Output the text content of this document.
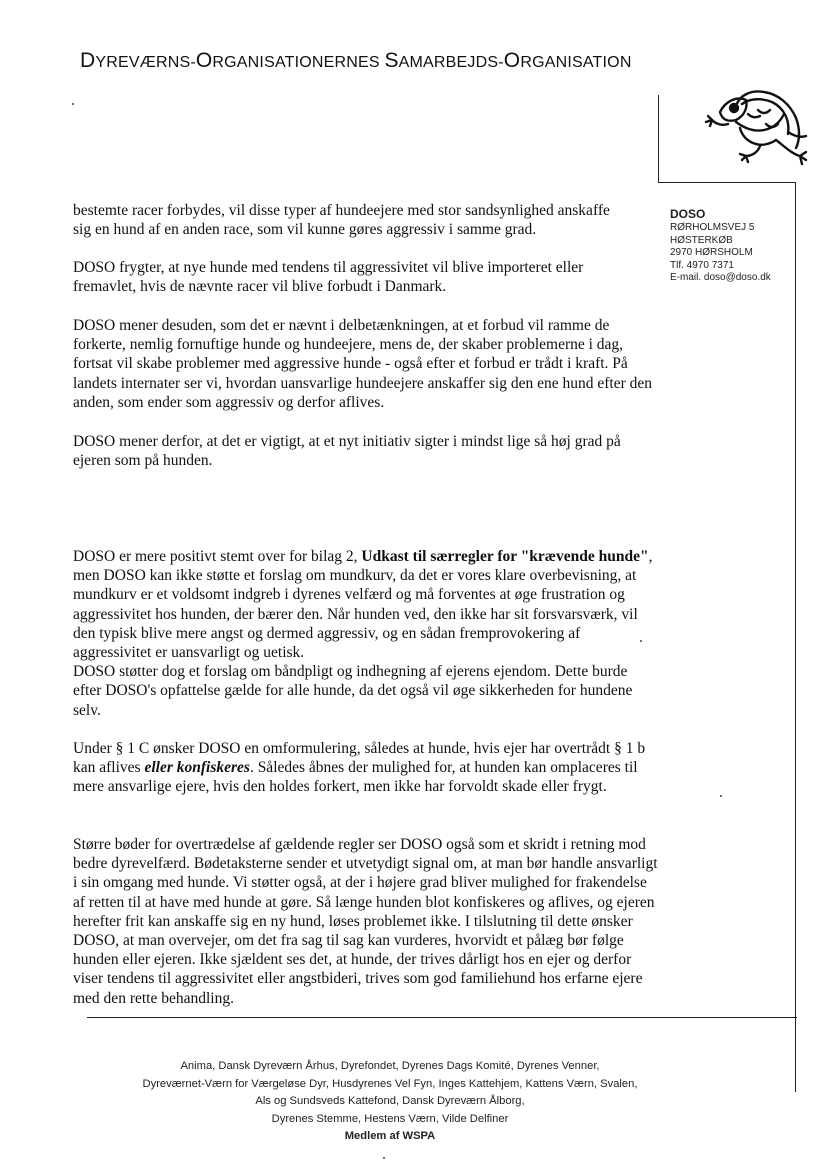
DYREVÆRNS-ORGANISATIONERNES SAMARBEJDS-ORGANISATION
DOSO
RØRHOLMSVEJ 5
HØSTERKØB
2970 HØRSHOLM
Tlf. 4970 7371
E-mail. doso@doso.dk
bestemte racer forbydes, vil disse typer af hundeejere med stor sandsynlighed anskaffe
sig en hund af en anden race, som vil kunne gøres aggressiv i samme grad.
DOSO frygter, at nye hunde med tendens til aggressivitet vil blive importeret eller
fremavlet, hvis de nævnte racer vil blive forbudt i Danmark.
DOSO mener desuden, som det er nævnt i delbetænkningen, at et forbud vil ramme de
forkerte, nemlig fornuftige hunde og hundeejere, mens de, der skaber problemerne i dag,
fortsat vil skabe problemer med aggressive hunde - også efter et forbud er trådt i kraft. På
landets internater ser vi, hvordan uansvarlige hundeejere anskaffer sig den ene hund efter den
anden, som ender som aggressiv og derfor aflives.
DOSO mener derfor, at det er vigtigt, at et nyt initiativ sigter i mindst lige så høj grad på
ejeren som på hunden.
DOSO er mere positivt stemt over for bilag 2, Udkast til særregler for "krævende hunde",
men DOSO kan ikke støtte et forslag om mundkurv, da det er vores klare overbevisning, at
mundkurv er et voldsomt indgreb i dyrenes velfærd og må forventes at øge frustration og
aggressivitet hos hunden, der bærer den. Når hunden ved, den ikke har sit forsvarsværk, vil
den typisk blive mere angst og dermed aggressiv, og en sådan fremprovokering af
aggressivitet er uansvarligt og uetisk.
DOSO støtter dog et forslag om båndpligt og indhegning af ejerens ejendom. Dette burde
efter DOSO's opfattelse gælde for alle hunde, da det også vil øge sikkerheden for hundene
selv.
Under § 1 C ønsker DOSO en omformulering, således at hunde, hvis ejer har overtrådt § 1 b
kan aflives eller konfiskeres. Således åbnes der mulighed for, at hunden kan omplaceres til
mere ansvarlige ejere, hvis den holdes forkert, men ikke har forvoldt skade eller frygt.
Større bøder for overtrædelse af gældende regler ser DOSO også som et skridt i retning mod
bedre dyrevelfærd. Bødetaksterne sender et utvetydigt signal om, at man bør handle ansvarligt
i sin omgang med hunde. Vi støtter også, at der i højere grad bliver mulighed for frakendelse
af retten til at have med hunde at gøre. Så længe hunden blot konfiskeres og aflives, og ejeren
herefter frit kan anskaffe sig en ny hund, løses problemet ikke. I tilslutning til dette ønsker
DOSO, at man overvejer, om det fra sag til sag kan vurderes, hvorvidt et pålæg bør følge
hunden eller ejeren. Ikke sjældent ses det, at hunde, der trives dårligt hos en ejer og derfor
viser tendens til aggressivitet eller angstbideri, trives som god familiehund hos erfarne ejere
med den rette behandling.
Anima, Dansk Dyreværn Århus, Dyrefondet, Dyrenes Dags Komité, Dyrenes Venner,
Dyreværnet-Værn for Værgeløse Dyr, Husdyrenes Vel Fyn, Inges Kattehjem, Kattens Værn, Svalen,
Als og Sundsveds Kattefond, Dansk Dyreværn Ålborg,
Dyrenes Stemme, Hestens Værn, Vilde Delfiner
Medlem af WSPA
